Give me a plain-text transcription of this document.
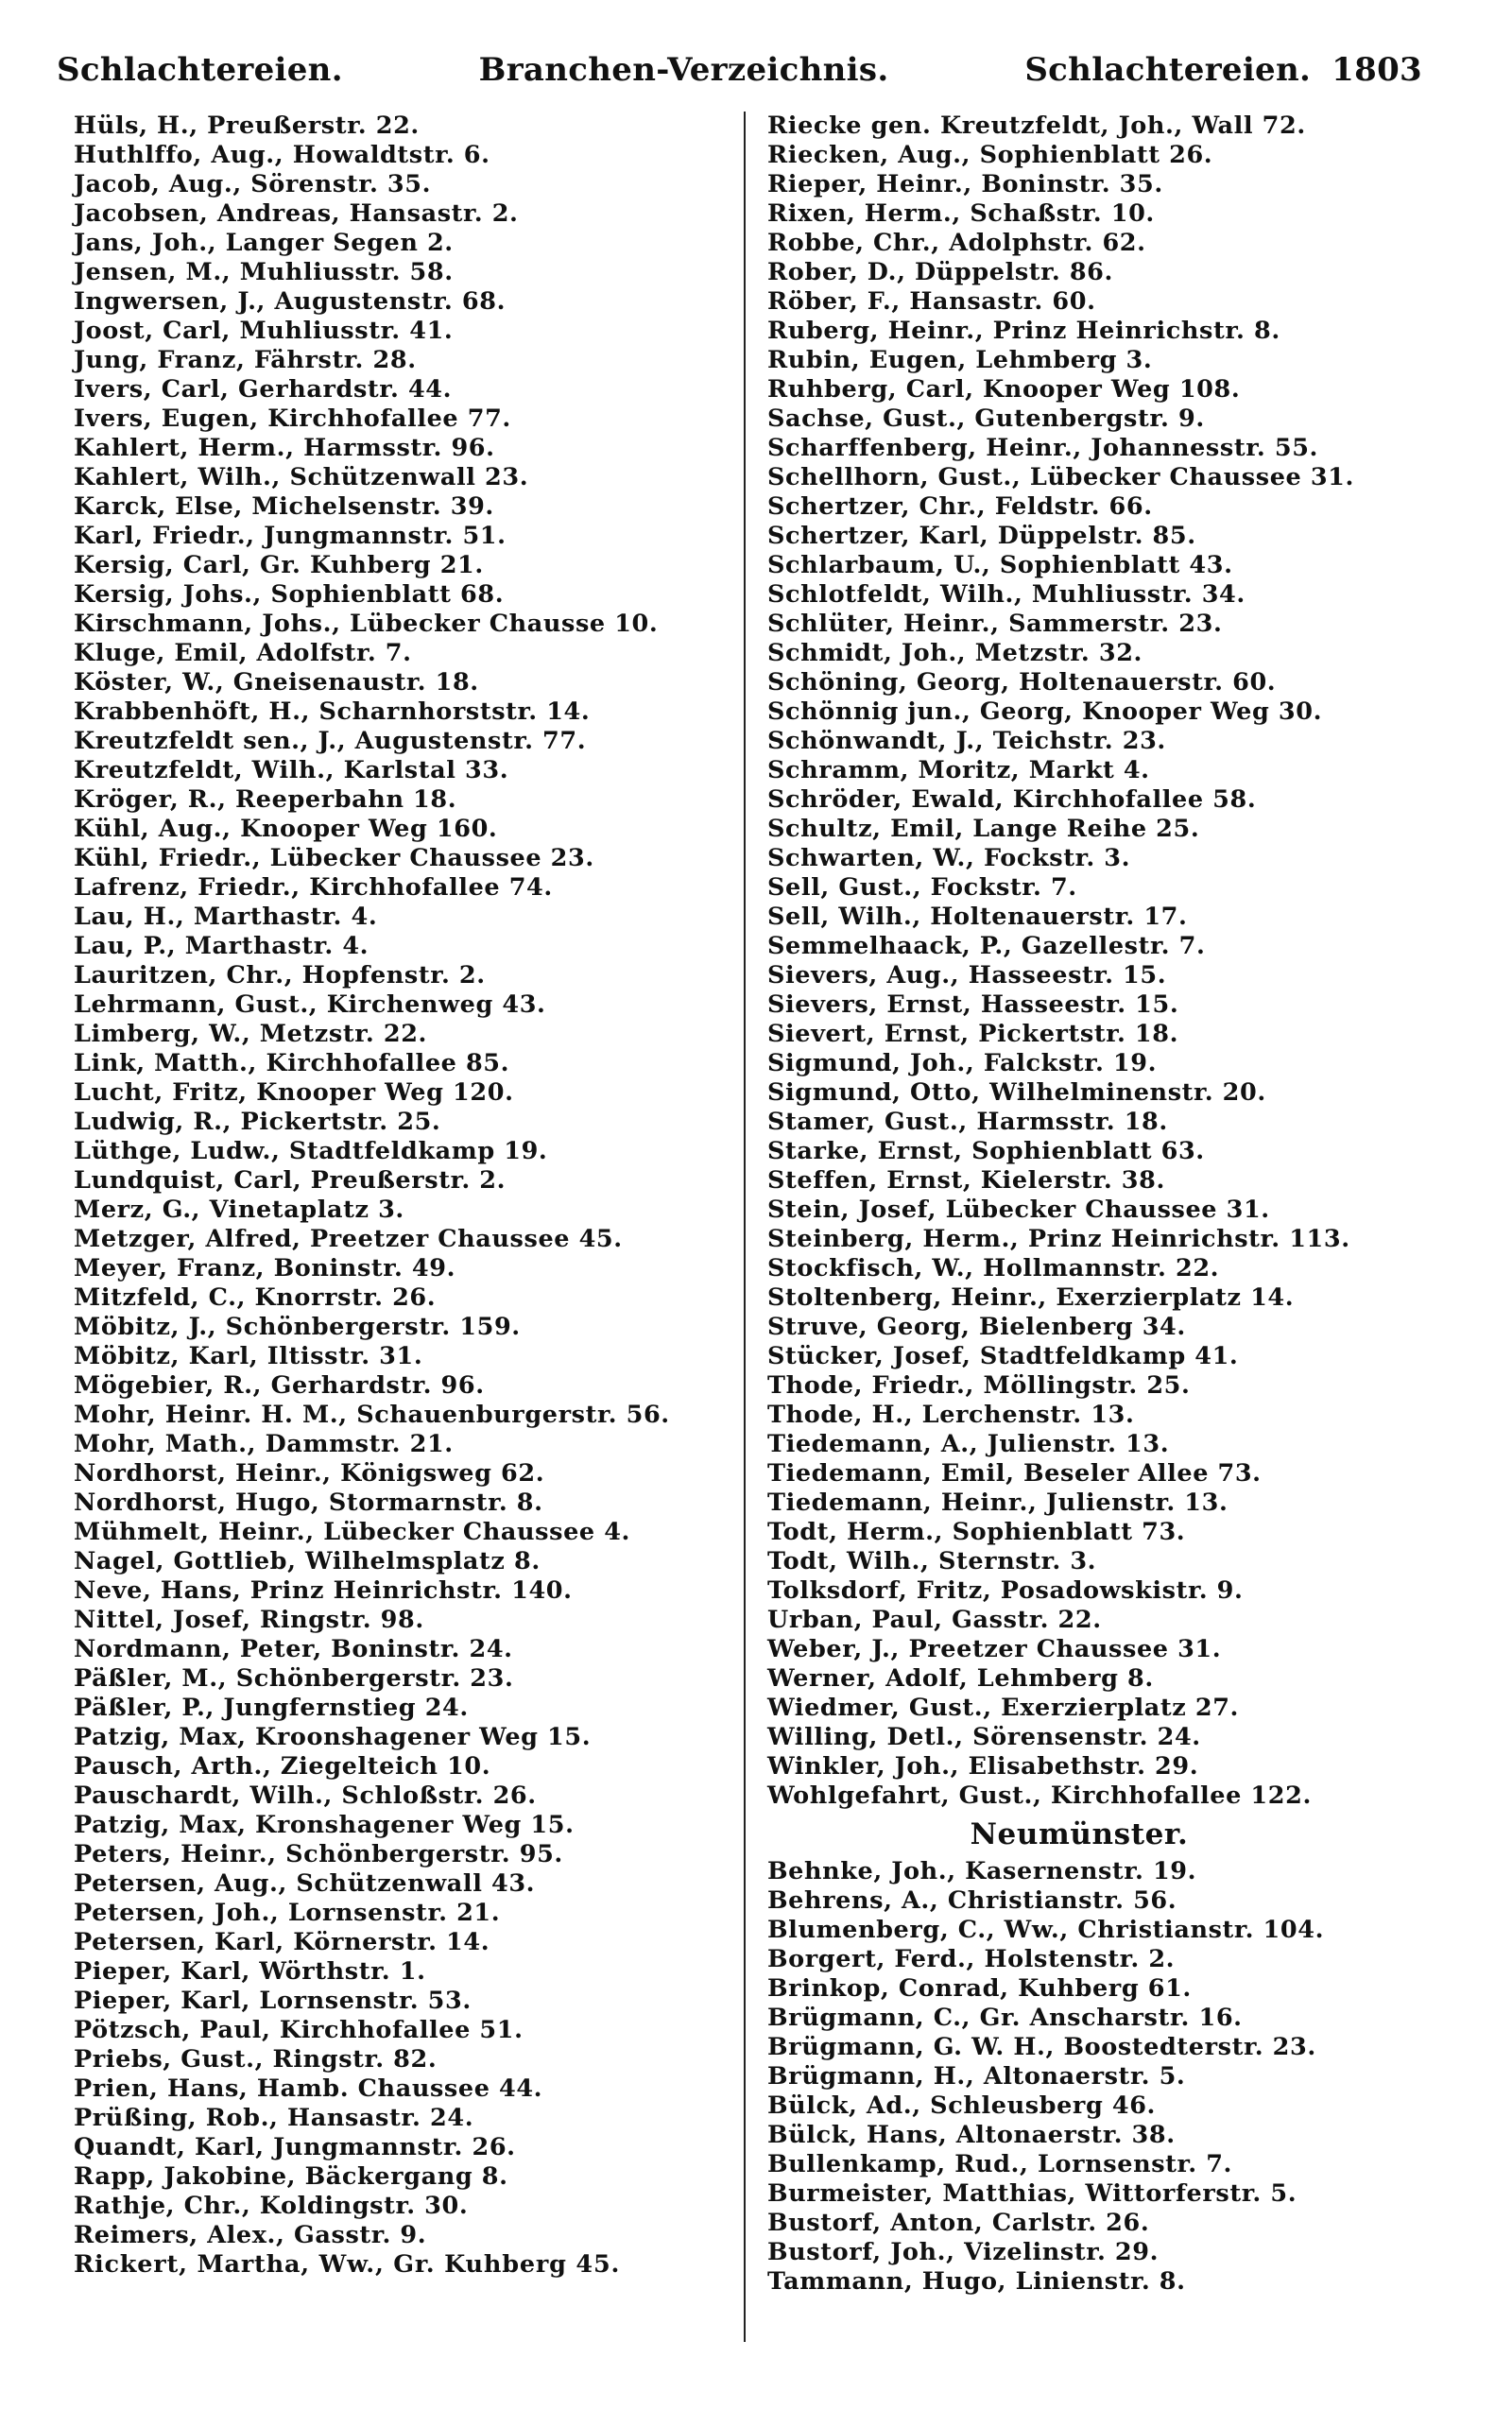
Schlachtereien.	Branchen-Verzeichnis.	Schlachtereien. 1803
Hüls, H., Preußerstr. 22.
Huthlffo, Aug., Howaldtstr. 6.
Jacob, Aug., Sörenstr. 35.
Jacobsen, Andreas, Hansastr. 2.
Jans, Joh., Langer Segen 2.
Jensen, M., Muhliusstr. 58.
Ingwersen, J., Augustenstr. 68.
Joost, Carl, Muhliusstr. 41.
Jung, Franz, Fährstr. 28.
Ivers, Carl, Gerhardstr. 44.
Ivers, Eugen, Kirchhofallee 77.
Kahlert, Herm., Harmsstr. 96.
Kahlert, Wilh., Schützenwall 23.
Karck, Else, Michelsenstr. 39.
Karl, Friedr., Jungmannstr. 51.
Kersig, Carl, Gr. Kuhberg 21.
Kersig, Johs., Sophienblatt 68.
Kirschmann, Johs., Lübecker Chausse 10.
Kluge, Emil, Adolfstr. 7.
Köster, W., Gneisenaustr. 18.
Krabbenhöft, H., Scharnhorststr. 14.
Kreutzfeldt sen., J., Augustenstr. 77.
Kreutzfeldt, Wilh., Karlstal 33.
Kröger, R., Reeperbahn 18.
Kühl, Aug., Knooper Weg 160.
Kühl, Friedr., Lübecker Chaussee 23.
Lafrenz, Friedr., Kirchhofallee 74.
Lau, H., Marthastr. 4.
Lau, P., Marthastr. 4.
Lauritzen, Chr., Hopfenstr. 2.
Lehrmann, Gust., Kirchenweg 43.
Limberg, W., Metzstr. 22.
Link, Matth., Kirchhofallee 85.
Lucht, Fritz, Knooper Weg 120.
Ludwig, R., Pickertstr. 25.
Lüthge, Ludw., Stadtfeldkamp 19.
Lundquist, Carl, Preußerstr. 2.
Merz, G., Vinetaplatz 3.
Metzger, Alfred, Preetzer Chaussee 45.
Meyer, Franz, Boninstr. 49.
Mitzfeld, C., Knorrstr. 26.
Möbitz, J., Schönbergerstr. 159.
Möbitz, Karl, Iltisstr. 31.
Mögebier, R., Gerhardstr. 96.
Mohr, Heinr. H. M., Schauenburgerstr. 56.
Mohr, Math., Dammstr. 21.
Nordhorst, Heinr., Königsweg 62.
Nordhorst, Hugo, Stormarnstr. 8.
Mühmelt, Heinr., Lübecker Chaussee 4.
Nagel, Gottlieb, Wilhelmsplatz 8.
Neve, Hans, Prinz Heinrichstr. 140.
Nittel, Josef, Ringstr. 98.
Nordmann, Peter, Boninstr. 24.
Päßler, M., Schönbergerstr. 23.
Päßler, P., Jungfernstieg 24.
Patzig, Max, Kroonshagener Weg 15.
Pausch, Arth., Ziegelteich 10.
Pauschardt, Wilh., Schloßstr. 26.
Patzig, Max, Kronshagener Weg 15.
Peters, Heinr., Schönbergerstr. 95.
Petersen, Aug., Schützenwall 43.
Petersen, Joh., Lornsenstr. 21.
Petersen, Karl, Körnerstr. 14.
Pieper, Karl, Wörthstr. 1.
Pieper, Karl, Lornsenstr. 53.
Pötzsch, Paul, Kirchhofallee 51.
Priebs, Gust., Ringstr. 82.
Prien, Hans, Hamb. Chaussee 44.
Prüßing, Rob., Hansastr. 24.
Quandt, Karl, Jungmannstr. 26.
Rapp, Jakobine, Bäckergang 8.
Rathje, Chr., Koldingstr. 30.
Reimers, Alex., Gasstr. 9.
Rickert, Martha, Ww., Gr. Kuhberg 45.
Riecke gen. Kreutzfeldt, Joh., Wall 72.
Riecken, Aug., Sophienblatt 26.
Rieper, Heinr., Boninstr. 35.
Rixen, Herm., Schaßstr. 10.
Robbe, Chr., Adolphstr. 62.
Rober, D., Düppelstr. 86.
Röber, F., Hansastr. 60.
Ruberg, Heinr., Prinz Heinrichstr. 8.
Rubin, Eugen, Lehmberg 3.
Ruhberg, Carl, Knooper Weg 108.
Sachse, Gust., Gutenbergstr. 9.
Scharffenberg, Heinr., Johannesstr. 55.
Schellhorn, Gust., Lübecker Chaussee 31.
Schertzer, Chr., Feldstr. 66.
Schertzer, Karl, Düppelstr. 85.
Schlarbaum, U., Sophienblatt 43.
Schlotfeldt, Wilh., Muhliusstr. 34.
Schlüter, Heinr., Sammerstr. 23.
Schmidt, Joh., Metzstr. 32.
Schöning, Georg, Holtenauerstr. 60.
Schönnig jun., Georg, Knooper Weg 30.
Schönwandt, J., Teichstr. 23.
Schramm, Moritz, Markt 4.
Schröder, Ewald, Kirchhofallee 58.
Schultz, Emil, Lange Reihe 25.
Schwarten, W., Fockstr. 3.
Sell, Gust., Fockstr. 7.
Sell, Wilh., Holtenauerstr. 17.
Semmelhaack, P., Gazellestr. 7.
Sievers, Aug., Hasseestr. 15.
Sievers, Ernst, Hasseestr. 15.
Sievert, Ernst, Pickertstr. 18.
Sigmund, Joh., Falckstr. 19.
Sigmund, Otto, Wilhelminenstr. 20.
Stamer, Gust., Harmsstr. 18.
Starke, Ernst, Sophienblatt 63.
Steffen, Ernst, Kielerstr. 38.
Stein, Josef, Lübecker Chaussee 31.
Steinberg, Herm., Prinz Heinrichstr. 113.
Stockfisch, W., Hollmannstr. 22.
Stoltenberg, Heinr., Exerzierplatz 14.
Struve, Georg, Bielenberg 34.
Stücker, Josef, Stadtfeldkamp 41.
Thode, Friedr., Möllingstr. 25.
Thode, H., Lerchenstr. 13.
Tiedemann, A., Julienstr. 13.
Tiedemann, Emil, Beseler Allee 73.
Tiedemann, Heinr., Julienstr. 13.
Todt, Herm., Sophienblatt 73.
Todt, Wilh., Sternstr. 3.
Tolksdorf, Fritz, Posadowskistr. 9.
Urban, Paul, Gasstr. 22.
Weber, J., Preetzer Chaussee 31.
Werner, Adolf, Lehmberg 8.
Wiedmer, Gust., Exerzierplatz 27.
Willing, Detl., Sörensenstr. 24.
Winkler, Joh., Elisabethstr. 29.
Wohlgefahrt, Gust., Kirchhofallee 122.
Neumünster.
Behnke, Joh., Kasernenstr. 19.
Behrens, A., Christianstr. 56.
Blumenberg, C., Ww., Christianstr. 104.
Borgert, Ferd., Holstenstr. 2.
Brinkop, Conrad, Kuhberg 61.
Brügmann, C., Gr. Anscharstr. 16.
Brügmann, G. W. H., Boostedterstr. 23.
Brügmann, H., Altonaerstr. 5.
Bülck, Ad., Schleusberg 46.
Bülck, Hans, Altonaerstr. 38.
Bullenkamp, Rud., Lornsenstr. 7.
Burmeister, Matthias, Wittorferstr. 5.
Bustorf, Anton, Carlstr. 26.
Bustorf, Joh., Vizelinstr. 29.
Tammann, Hugo, Linienstr. 8.
